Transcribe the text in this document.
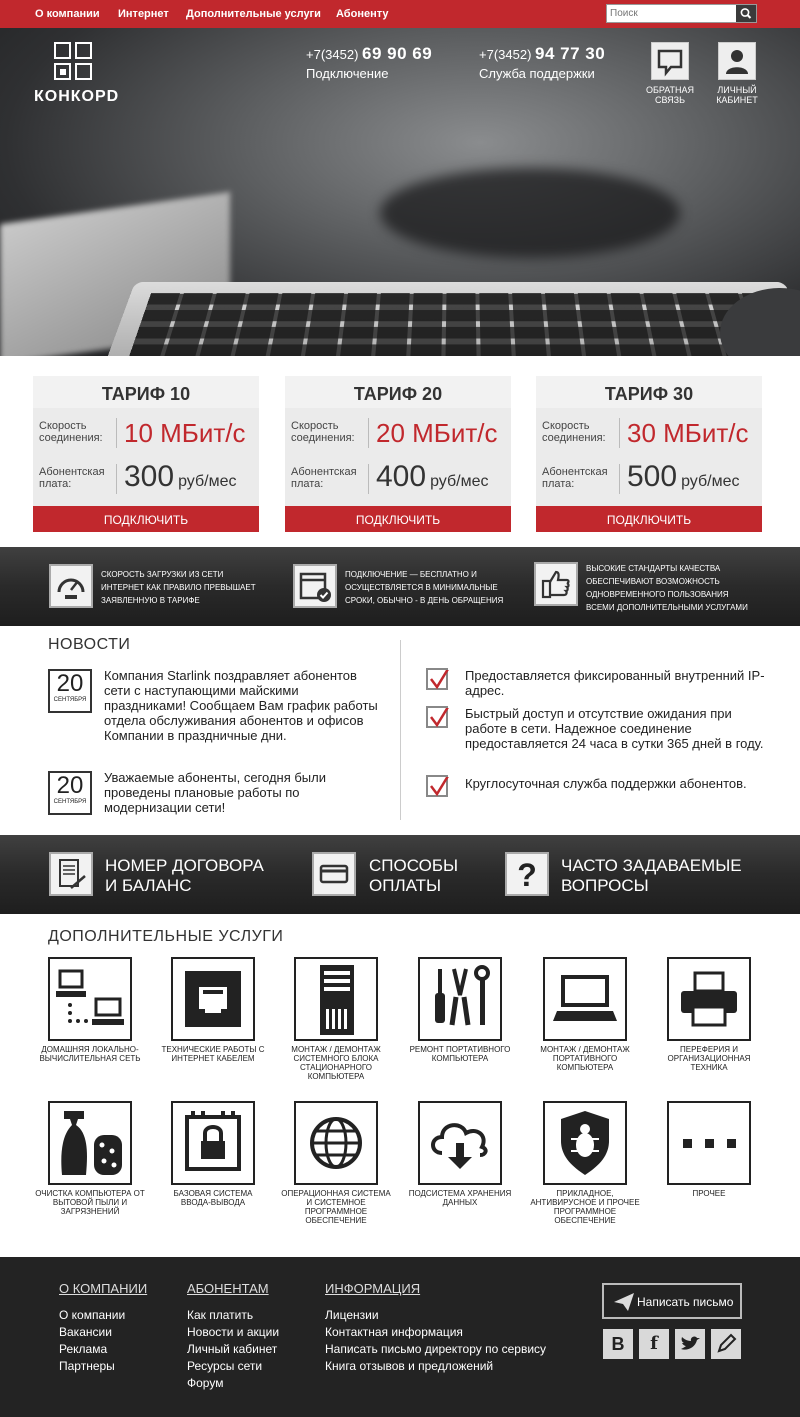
О компании Интернет Дополнительные услуги Абоненту
Поиск
КОНКОРD
+7(3452) 69 90 69
Подключение
+7(3452) 94 77 30
Служба поддержки
ОБРАТНАЯ СВЯЗЬ
ЛИЧНЫЙ КАБИНЕТ
ТАРИФ 10
Скорость соединения: 10 МБит/с
Абонентская плата:	300 руб/мес
ПОДКЛЮЧИТЬ
ТАРИФ 20
Скорость соединения: 20 МБит/с
Абонентская плата:	400 руб/мес
ПОДКЛЮЧИТЬ
ТАРИФ 30
Скорость соединения: 30 МБит/с
Абонентская плата:	500 руб/мес
ПОДКЛЮЧИТЬ
СКОРОСТЬ ЗАГРУЗКИ ИЗ СЕТИ
ИНТЕРНЕТ КАК ПРАВИЛО ПРЕВЫШАЕТ
ЗАЯВЛЕННУЮ В ТАРИФЕ
ПОДКЛЮЧЕНИЕ — БЕСПЛАТНО И
ОСУЩЕСТВЛЯЕТСЯ В МИНИМАЛЬНЫЕ
СРОКИ, ОБЫЧНО - В ДЕНЬ ОБРАЩЕНИЯ
ВЫСОКИЕ СТАНДАРТЫ КАЧЕСТВА
ОБЕСПЕЧИВАЮТ ВОЗМОЖНОСТЬ
ОДНОВРЕМЕННОГО ПОЛЬЗОВАНИЯ
ВСЕМИ ДОПОЛНИТЕЛЬНЫМИ УСЛУГАМИ
НОВОСТИ
20
СЕНТЯБРЯ
Компания Starlink поздравляет абонентов сети с наступающими майскими праздниками! Сообщаем Вам график работы отдела обслуживания абонентов и офисов Компании в праздничные дни.
20
СЕНТЯБРЯ
Уважаемые абоненты, сегодня были проведены плановые работы по модернизации сети!
Предоставляется фиксированный внутренний IP-адрес.
Быстрый доступ и отсутствие ожидания при работе в сети. Надежное соединение предоставляется 24 часа в сутки 365 дней в году.
Круглосуточная служба поддержки абонентов.
НОМЕР ДОГОВОРА
И БАЛАНС
СПОСОБЫ
ОПЛАТЫ	? ЧАСТО ЗАДАВАЕМЫЕ
ВОПРОСЫ
ДОПОЛНИТЕЛЬНЫЕ УСЛУГИ
ДОМАШНЯЯ ЛОКАЛЬНО- ВЫЧИСЛИТЕЛЬНАЯ СЕТЬ
ТЕХНИЧЕСКИЕ РАБОТЫ С ИНТЕРНЕТ КАБЕЛЕМ
МОНТАЖ / ДЕМОНТАЖ СИСТЕМНОГО БЛОКА СТАЦИОНАРНОГО КОМПЬЮТЕРА
РЕМОНТ ПОРТАТИВНОГО КОМПЬЮТЕРА
МОНТАЖ / ДЕМОНТАЖ ПОРТАТИВНОГО КОМПЬЮТЕРА
ПЕРЕФЕРИЯ И ОРГАНИЗАЦИОННАЯ ТЕХНИКА
ОЧИСТКА КОМПЬЮТЕРА ОТ ВЫТОВОЙ ПЫЛИ И ЗАГРЯЗНЕНИЙ
БАЗОВАЯ СИСТЕМА ВВОДА-ВЫВОДА
ОПЕРАЦИОННАЯ СИСТЕМА И СИСТЕМНОЕ ПРОГРАММНОЕ ОБЕСПЕЧЕНИЕ
ПОДСИСТЕМА ХРАНЕНИЯ ДАННЫХ
ПРИКЛАДНОЕ, АНТИВИРУСНОЕ И ПРОЧЕЕ ПРОГРАММНОЕ ОБЕСПЕЧЕНИЕ
ПРОЧЕЕ
О КОМПАНИИ
О компании
Вакансии
Реклама
Партнеры
АБОНЕНТАМ
Как платить
Новости и акции
Личный кабинет
Ресурсы сети
Форум
ИНФОРМАЦИЯ
Лицензии
Контактная информация
Написать письмо директору по сервису
Книга отзывов и предложений
Написать письмо
B	f
